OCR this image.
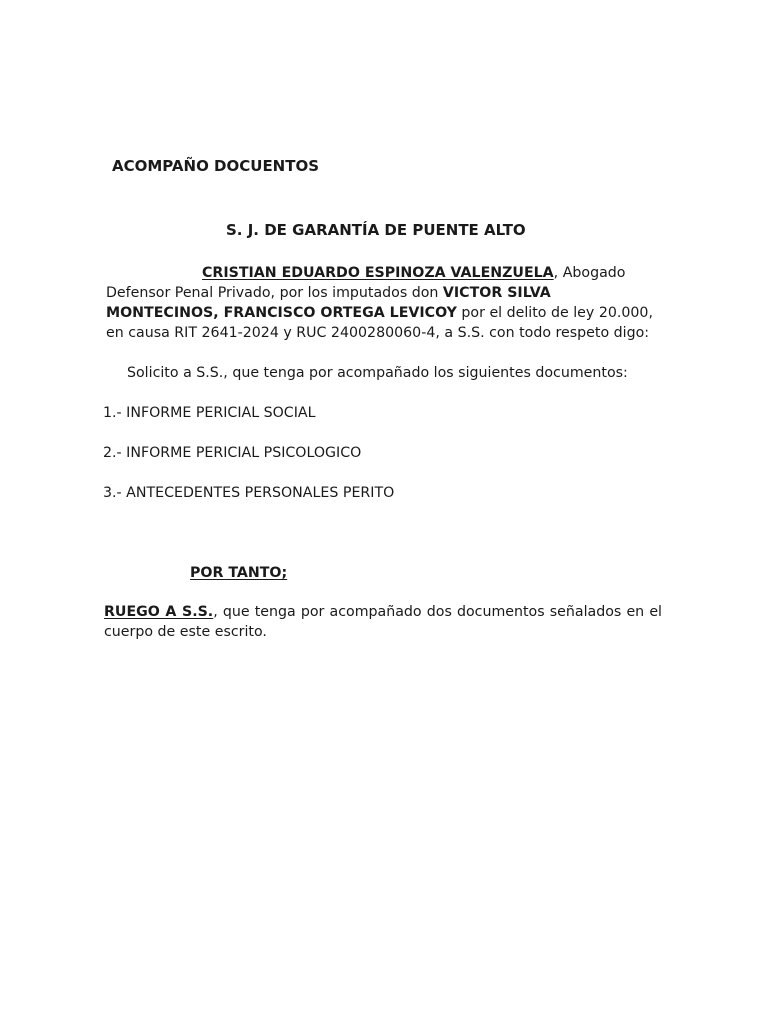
ACOMPAÑO DOCUENTOS
S. J. DE GARANTÍA DE PUENTE ALTO
CRISTIAN EDUARDO ESPINOZA VALENZUELA, Abogado
Defensor Penal Privado, por los imputados don VICTOR SILVA
MONTECINOS, FRANCISCO ORTEGA LEVICOY por el delito de ley 20.000,
en causa RIT 2641-2024 y RUC 2400280060-4, a S.S. con todo respeto digo:
Solicito a S.S., que tenga por acompañado los siguientes documentos:
1.- INFORME PERICIAL SOCIAL
2.- INFORME PERICIAL PSICOLOGICO
3.- ANTECEDENTES PERSONALES PERITO
POR TANTO;
RUEGO A S.S., que tenga por acompañado dos documentos señalados en el
cuerpo de este escrito.
